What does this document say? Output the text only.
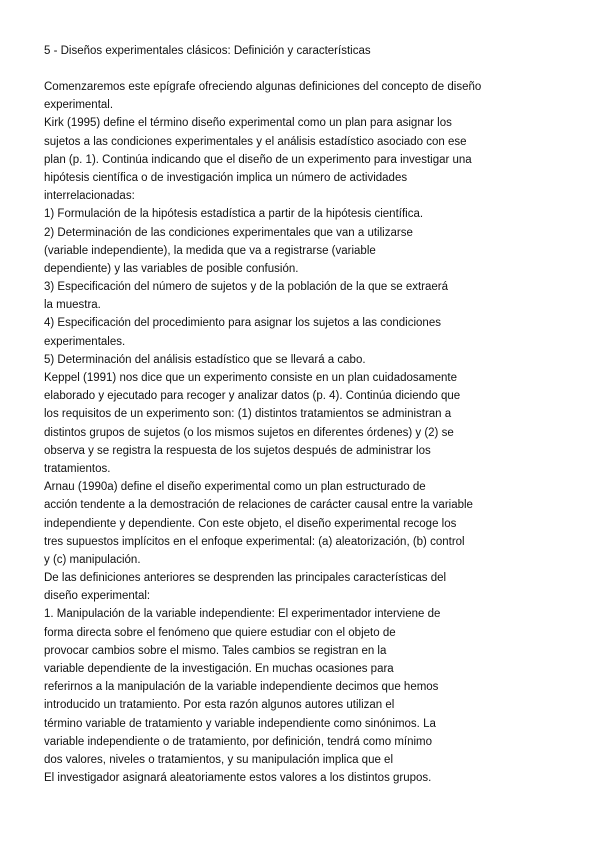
5 - Diseños experimentales clásicos: Definición y características
Comenzaremos este epígrafe ofreciendo algunas definiciones del concepto de diseño
experimental.
Kirk (1995) define el término diseño experimental como un plan para asignar los
sujetos a las condiciones experimentales y el análisis estadístico asociado con ese
plan (p. 1). Continúa indicando que el diseño de un experimento para investigar una
hipótesis científica o de investigación implica un número de actividades
interrelacionadas:
1) Formulación de la hipótesis estadística a partir de la hipótesis científica.
2) Determinación de las condiciones experimentales que van a utilizarse
(variable independiente), la medida que va a registrarse (variable
dependiente) y las variables de posible confusión.
3) Especificación del número de sujetos y de la población de la que se extraerá
la muestra.
4) Especificación del procedimiento para asignar los sujetos a las condiciones
experimentales.
5) Determinación del análisis estadístico que se llevará a cabo.
Keppel (1991) nos dice que un experimento consiste en un plan cuidadosamente
elaborado y ejecutado para recoger y analizar datos (p. 4). Continúa diciendo que
los requisitos de un experimento son: (1) distintos tratamientos se administran a
distintos grupos de sujetos (o los mismos sujetos en diferentes órdenes) y (2) se
observa y se registra la respuesta de los sujetos después de administrar los
tratamientos.
Arnau (1990a) define el diseño experimental como un plan estructurado de
acción tendente a la demostración de relaciones de carácter causal entre la variable
independiente y dependiente. Con este objeto, el diseño experimental recoge los
tres supuestos implícitos en el enfoque experimental: (a) aleatorización, (b) control
y (c) manipulación.
De las definiciones anteriores se desprenden las principales características del
diseño experimental:
1. Manipulación de la variable independiente: El experimentador interviene de
forma directa sobre el fenómeno que quiere estudiar con el objeto de
provocar cambios sobre el mismo. Tales cambios se registran en la
variable dependiente de la investigación. En muchas ocasiones para
referirnos a la manipulación de la variable independiente decimos que hemos
introducido un tratamiento. Por esta razón algunos autores utilizan el
término variable de tratamiento y variable independiente como sinónimos. La
variable independiente o de tratamiento, por definición, tendrá como mínimo
dos valores, niveles o tratamientos, y su manipulación implica que el
El investigador asignará aleatoriamente estos valores a los distintos grupos.
